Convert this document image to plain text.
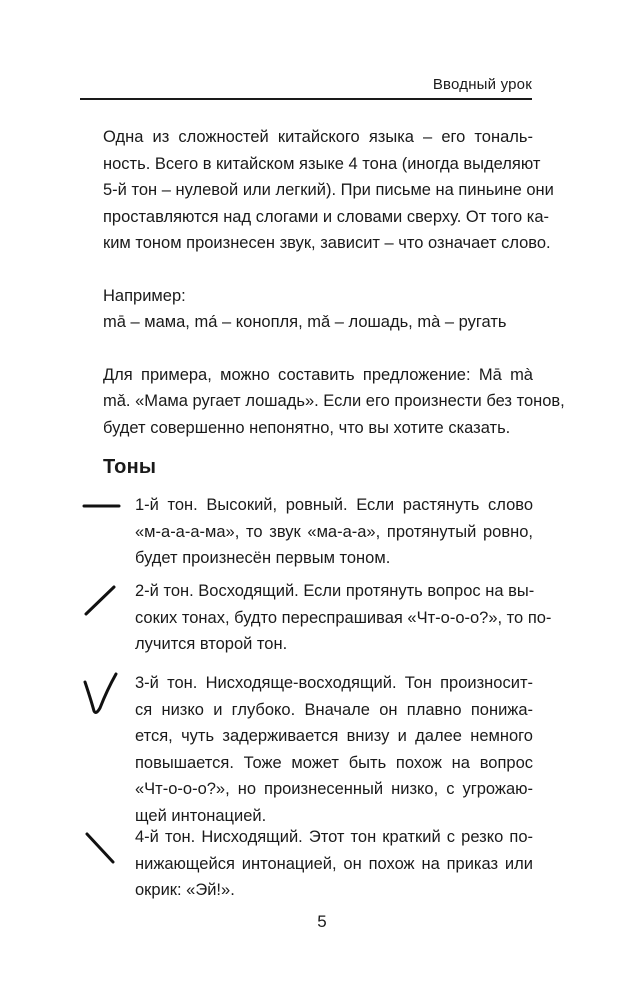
Вводный урок
Одна из сложностей китайского языка – его тональ-
ность. Всего в китайском языке 4 тона (иногда выделяют
5-й тон – нулевой или легкий). При письме на пиньине они
проставляются над слогами и словами сверху. От того ка-
ким тоном произнесен звук, зависит – что означает слово.
Например:
mā – мама, má – конопля, mǎ – лошадь, mà – ругать
Для примера, можно составить предложение: Mā mà
mǎ. «Мама ругает лошадь». Если его произнести без тонов,
будет совершенно непонятно, что вы хотите сказать.
Тоны
1-й тон. Высокий, ровный. Если растянуть слово
«м-а-а-а-ма», то звук «ма-а-а», протянутый ровно,
будет произнесён первым тоном.
2-й тон. Восходящий. Если протянуть вопрос на вы-
соких тонах, будто переспрашивая «Чт-о-о-о?», то по-
лучится второй тон.
3-й тон. Нисходяще-восходящий. Тон произносит-
ся низко и глубоко. Вначале он плавно понижа-
ется, чуть задерживается внизу и далее немного
повышается. Тоже может быть похож на вопрос
«Чт-о-о-о?», но произнесенный низко, с угрожаю-
щей интонацией.
4-й тон. Нисходящий. Этот тон краткий с резко по-
нижающейся интонацией, он похож на приказ или
окрик: «Эй!».
5
